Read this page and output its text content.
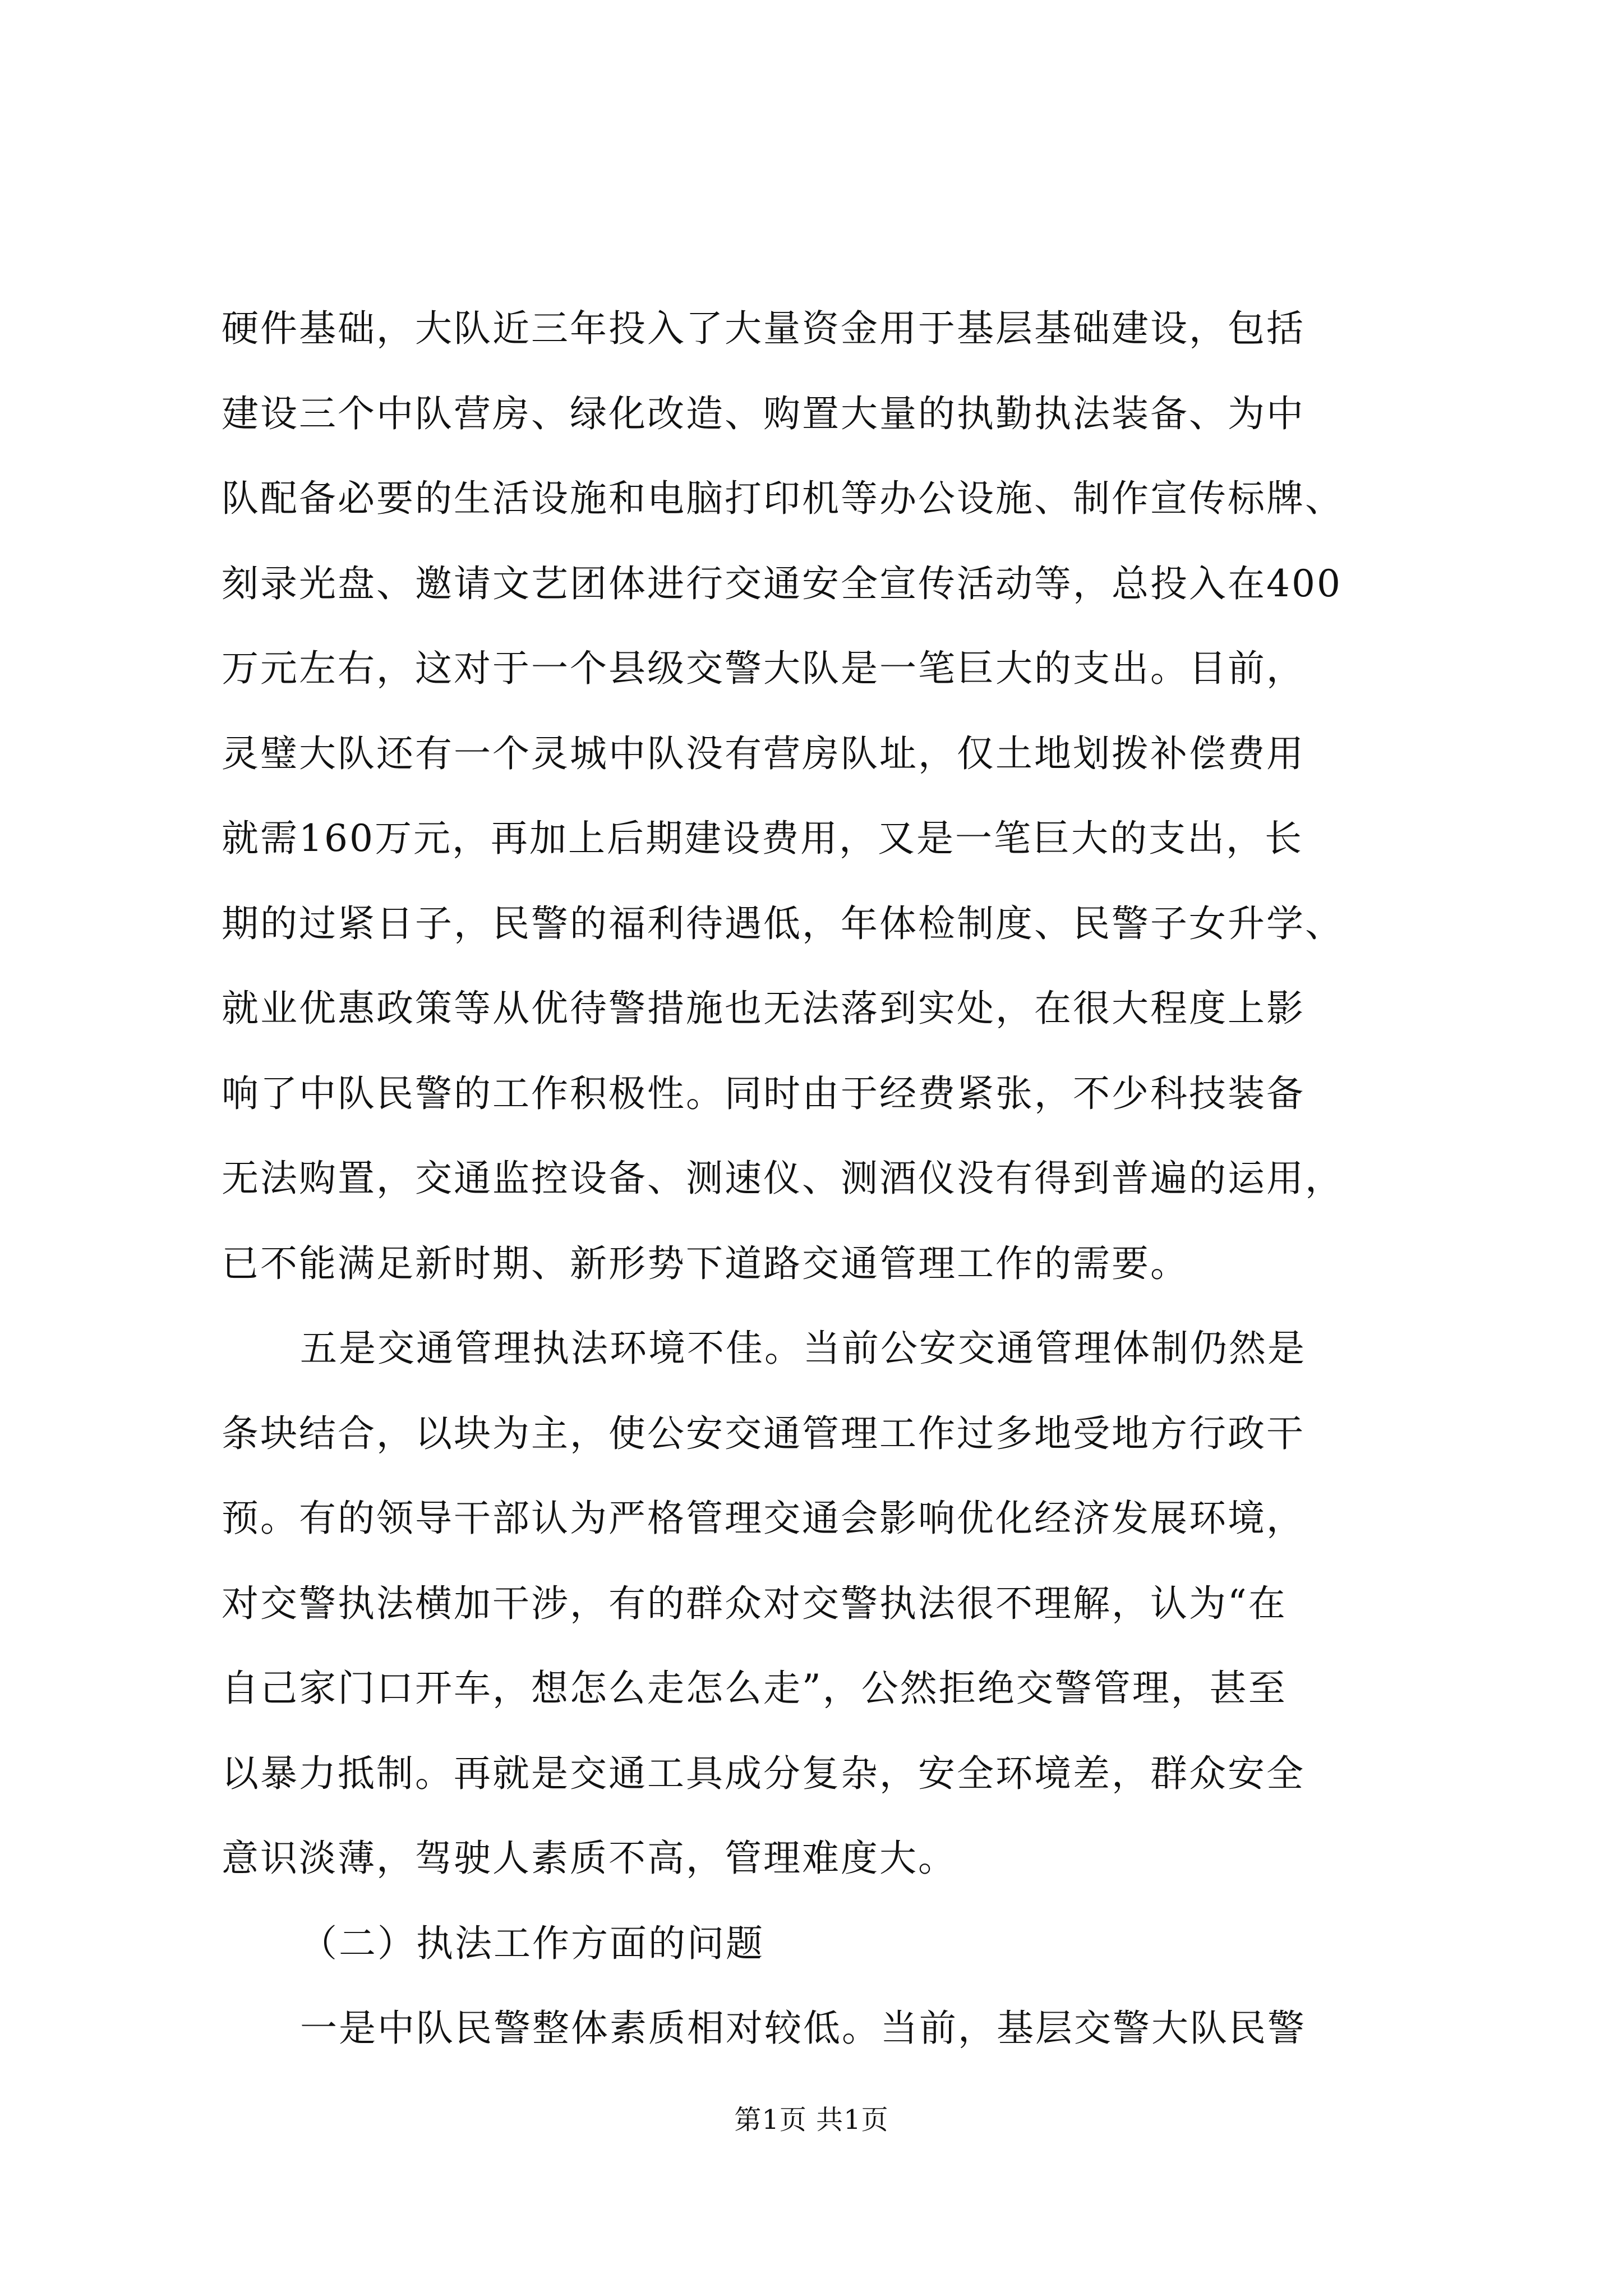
硬件基础，大队近三年投入了大量资金用于基层基础建设，包括
建设三个中队营房、绿化改造、购置大量的执勤执法装备、为中
队配备必要的生活设施和电脑打印机等办公设施、制作宣传标牌、
刻录光盘、邀请文艺团体进行交通安全宣传活动等，总投入在400
万元左右，这对于一个县级交警大队是一笔巨大的支出。目前，
灵璧大队还有一个灵城中队没有营房队址，仅土地划拨补偿费用
就需160万元，再加上后期建设费用，又是一笔巨大的支出，长
期的过紧日子，民警的福利待遇低，年体检制度、民警子女升学、
就业优惠政策等从优待警措施也无法落到实处，在很大程度上影
响了中队民警的工作积极性。同时由于经费紧张，不少科技装备
无法购置，交通监控设备、测速仪、测酒仪没有得到普遍的运用，
已不能满足新时期、新形势下道路交通管理工作的需要。
五是交通管理执法环境不佳。当前公安交通管理体制仍然是
条块结合，以块为主，使公安交通管理工作过多地受地方行政干
预。有的领导干部认为严格管理交通会影响优化经济发展环境，
对交警执法横加干涉，有的群众对交警执法很不理解，认为“在
自己家门口开车，想怎么走怎么走”，公然拒绝交警管理，甚至
以暴力抵制。再就是交通工具成分复杂，安全环境差，群众安全
意识淡薄，驾驶人素质不高，管理难度大。
（二）执法工作方面的问题
一是中队民警整体素质相对较低。当前，基层交警大队民警
第1页 共1页
